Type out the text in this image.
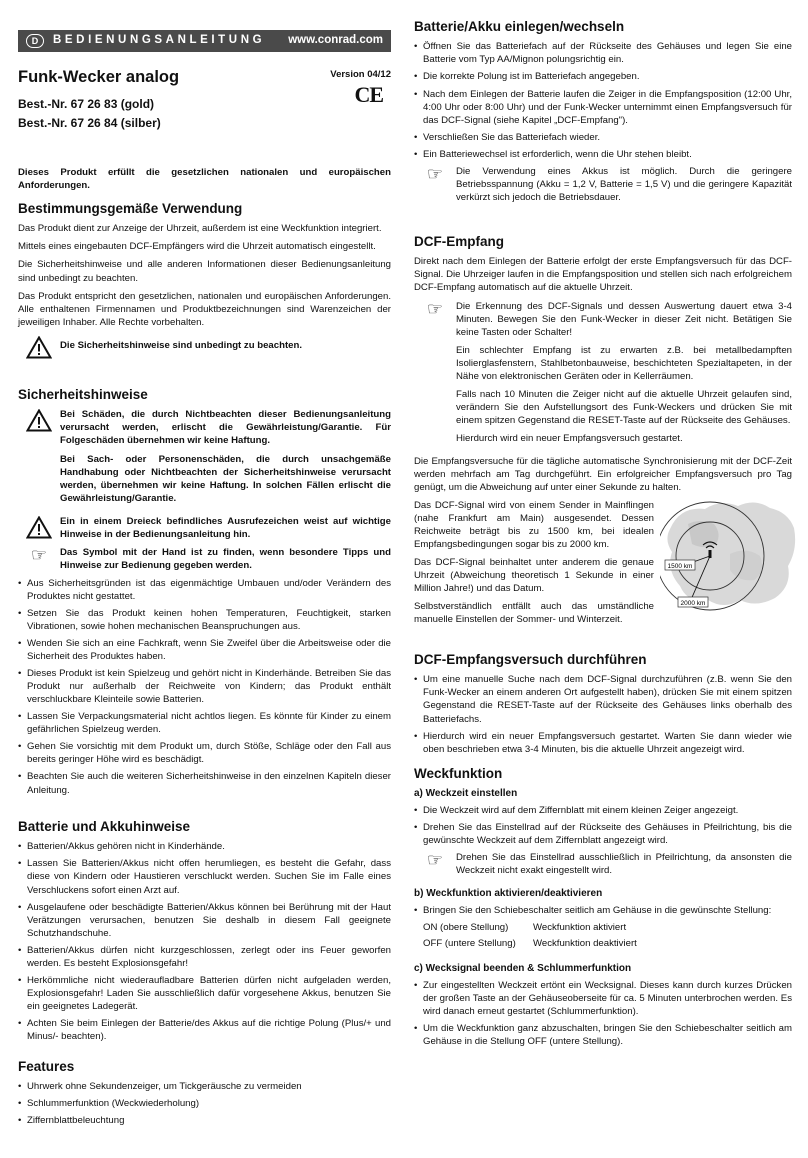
D	BEDIENUNGSANLEITUNG www.conrad.com
Funk-Wecker analog	Version 04/12
CE
Best.-Nr. 67 26 83 (gold)
Best.-Nr. 67 26 84 (silber)

Dieses Produkt erfüllt die gesetzlichen nationalen und europäischen Anforderungen.

Bestimmungsgemäße Verwendung

Das Produkt dient zur Anzeige der Uhrzeit, außerdem ist eine Weckfunktion integriert.

Mittels eines eingebauten DCF-Empfängers wird die Uhrzeit automatisch eingestellt.

Die Sicherheitshinweise und alle anderen Informationen dieser Bedienungsanleitung sind unbedingt zu beachten.

Das Produkt entspricht den gesetzlichen, nationalen und europäischen Anforderungen. Alle enthaltenen Firmennamen und Produktbezeichnungen sind Warenzeichen der jeweiligen Inhaber. Alle Rechte vorbehalten.

Die Sicherheitshinweise sind unbedingt zu beachten.
Sicherheitshinweise

Bei Schäden, die durch Nichtbeachten dieser Bedienungsanleitung verursacht werden, erlischt die Gewährleistung/Garantie. Für Folgeschäden übernehmen wir keine Haftung.

Bei Sach- oder Personenschäden, die durch unsachgemäße Handhabung oder Nichtbeachten der Sicherheitshinweise verursacht werden, übernehmen wir keine Haftung. In solchen Fällen erlischt die Gewährleistung/Garantie.

Ein in einem Dreieck befindliches Ausrufezeichen weist auf wichtige Hinweise in der Bedienungsanleitung hin.
☞	Das Symbol mit der Hand ist zu finden, wenn besondere Tipps und Hinweise zur Bedienung gegeben werden.
• Aus Sicherheitsgründen ist das eigenmächtige Umbauen und/oder Verändern des Produktes nicht gestattet.
• Setzen Sie das Produkt keinen hohen Temperaturen, Feuchtigkeit, starken Vibrationen, sowie hohen mechanischen Beanspruchungen aus.
• Wenden Sie sich an eine Fachkraft, wenn Sie Zweifel über die Arbeitsweise oder die Sicherheit des Produktes haben.
• Dieses Produkt ist kein Spielzeug und gehört nicht in Kinderhände. Betreiben Sie das Produkt nur außerhalb der Reichweite von Kindern; das Produkt enthält verschluckbare Kleinteile sowie Batterien.
• Lassen Sie Verpackungsmaterial nicht achtlos liegen. Es könnte für Kinder zu einem gefährlichen Spielzeug werden.
• Gehen Sie vorsichtig mit dem Produkt um, durch Stöße, Schläge oder den Fall aus bereits geringer Höhe wird es beschädigt.
• Beachten Sie auch die weiteren Sicherheitshinweise in den einzelnen Kapiteln dieser Anleitung.
Batterie und Akkuhinweise
• Batterien/Akkus gehören nicht in Kinderhände.
• Lassen Sie Batterien/Akkus nicht offen herumliegen, es besteht die Gefahr, dass diese von Kindern oder Haustieren verschluckt werden. Suchen Sie im Falle eines Verschluckens sofort einen Arzt auf.
• Ausgelaufene oder beschädigte Batterien/Akkus können bei Berührung mit der Haut Verätzungen verursachen, benutzen Sie deshalb in diesem Fall geeignete Schutzhandschuhe.
• Batterien/Akkus dürfen nicht kurzgeschlossen, zerlegt oder ins Feuer geworfen werden. Es besteht Explosionsgefahr!
• Herkömmliche nicht wiederaufladbare Batterien dürfen nicht aufgeladen werden, Explosionsgefahr! Laden Sie ausschließlich dafür vorgesehene Akkus, benutzen Sie ein geeignetes Ladegerät.
• Achten Sie beim Einlegen der Batterie/des Akkus auf die richtige Polung (Plus/+ und Minus/- beachten).
Features
• Uhrwerk ohne Sekundenzeiger, um Tickgeräusche zu vermeiden
• Schlummerfunktion (Weckwiederholung)
• Ziffernblattbeleuchtung
Batterie/Akku einlegen/wechseln
• Öffnen Sie das Batteriefach auf der Rückseite des Gehäuses und legen Sie eine Batterie vom Typ AA/Mignon polungsrichtig ein.
• Die korrekte Polung ist im Batteriefach angegeben.
• Nach dem Einlegen der Batterie laufen die Zeiger in die Empfangsposition (12:00 Uhr, 4:00 Uhr oder 8:00 Uhr) und der Funk-Wecker unternimmt einen Empfangsversuch für das DCF-Signal (siehe Kapitel „DCF-Empfang").
• Verschließen Sie das Batteriefach wieder.
• Ein Batteriewechsel ist erforderlich, wenn die Uhr stehen bleibt.
☞	Die Verwendung eines Akkus ist möglich. Durch die geringere Betriebsspannung (Akku = 1,2 V, Batterie = 1,5 V) und die geringere Kapazität verkürzt sich jedoch die Betriebsdauer.
DCF-Empfang

Direkt nach dem Einlegen der Batterie erfolgt der erste Empfangsversuch für das DCF-Signal. Die Uhrzeiger laufen in die Empfangsposition und stellen sich nach erfolgreichem DCF-Empfang automatisch auf die aktuelle Uhrzeit.

☞	Die Erkennung des DCF-Signals und dessen Auswertung dauert etwa 3-4 Minuten. Bewegen Sie den Funk-Wecker in dieser Zeit nicht. Betätigen Sie keine Tasten oder Schalter!

Ein schlechter Empfang ist zu erwarten z.B. bei metallbedampften Isolierglasfenstern, Stahlbetonbauweise, beschichteten Spezialtapeten, in der Nähe von elektronischen Geräten oder in Kellerräumen.

Falls nach 10 Minuten die Zeiger nicht auf die aktuelle Uhrzeit gelaufen sind, verändern Sie den Aufstellungsort des Funk-Weckers und drücken Sie mit einem spitzen Gegenstand die RESET-Taste auf der Rückseite des Gehäuses.

Hierdurch wird ein neuer Empfangsversuch gestartet.

Die Empfangsversuche für die tägliche automatische Synchronisierung mit der DCF-Zeit werden mehrfach am Tag durchgeführt. Ein erfolgreicher Empfangsversuch pro Tag genügt, um die Abweichung auf unter einer Sekunde zu halten.

Das DCF-Signal wird von einem Sender in Mainflingen (nahe Frankfurt am Main) ausgesendet. Dessen Reichweite beträgt bis zu 1500 km, bei idealen Empfangsbedingungen sogar bis zu 2000 km.

Das DCF-Signal beinhaltet unter anderem die genaue Uhrzeit (Abweichung theoretisch 1 Sekunde in einer Million Jahre!) und das Datum.

Selbstverständlich entfällt auch das umständliche manuelle Einstellen der Sommer- und Winterzeit.

1500 km
2000 km
DCF-Empfangsversuch durchführen
• Um eine manuelle Suche nach dem DCF-Signal durchzuführen (z.B. wenn Sie den Funk-Wecker an einem anderen Ort aufgestellt haben), drücken Sie mit einem spitzen Gegenstand die RESET-Taste auf der Rückseite des Gehäuses links oberhalb des Batteriefachs.
• Hierdurch wird ein neuer Empfangsversuch gestartet. Warten Sie dann wieder wie oben beschrieben etwa 3-4 Minuten, bis die aktuelle Uhrzeit angezeigt wird.
Weckfunktion
a) Weckzeit einstellen
• Die Weckzeit wird auf dem Ziffernblatt mit einem kleinen Zeiger angezeigt.
• Drehen Sie das Einstellrad auf der Rückseite des Gehäuses in Pfeilrichtung, bis die gewünschte Weckzeit auf dem Ziffernblatt angezeigt wird.
☞	Drehen Sie das Einstellrad ausschließlich in Pfeilrichtung, da ansonsten die Weckzeit nicht exakt eingestellt wird.
b) Weckfunktion aktivieren/deaktivieren
• Bringen Sie den Schiebeschalter seitlich am Gehäuse in die gewünschte Stellung:
ON (obere Stellung)	Weckfunktion aktiviert
OFF (untere Stellung)	Weckfunktion deaktiviert
c) Wecksignal beenden & Schlummerfunktion
• Zur eingestellten Weckzeit ertönt ein Wecksignal. Dieses kann durch kurzes Drücken der großen Taste an der Gehäuseoberseite für ca. 5 Minuten unterbrochen werden. Es wird danach erneut gestartet (Schlummerfunktion).
• Um die Weckfunktion ganz abzuschalten, bringen Sie den Schiebeschalter seitlich am Gehäuse in die Stellung OFF (untere Stellung).
